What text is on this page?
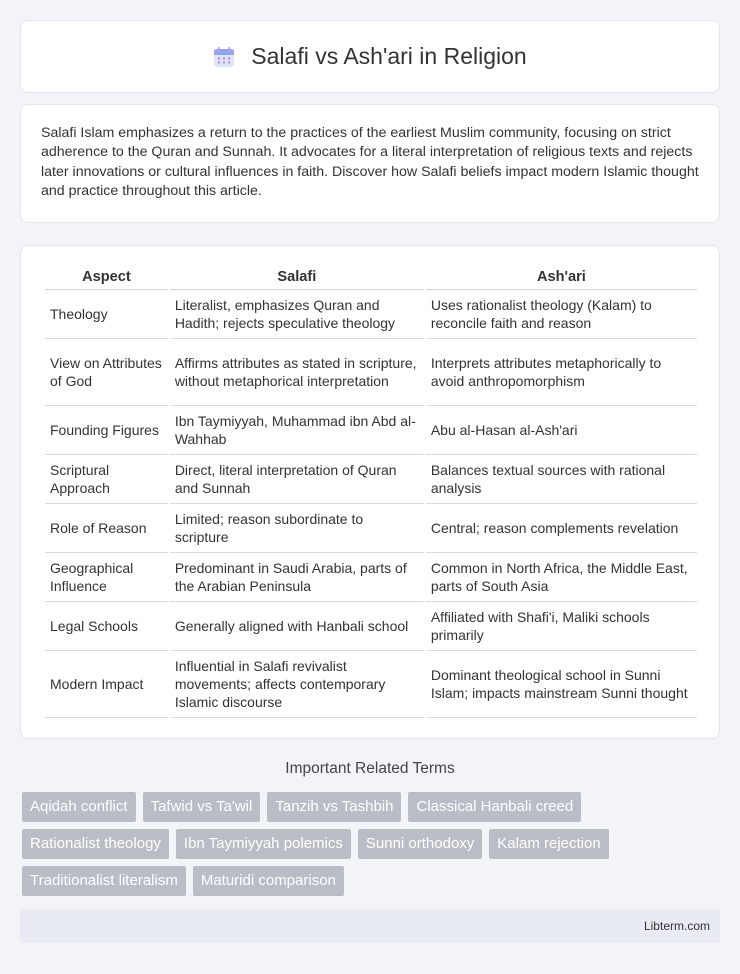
Salafi vs Ash'ari in Religion

Salafi Islam emphasizes a return to the practices of the earliest Muslim community, focusing on strict adherence to the Quran and Sunnah. It advocates for a literal interpretation of religious texts and rejects later innovations or cultural influences in faith. Discover how Salafi beliefs impact modern Islamic thought and practice throughout this article.

Aspect	Salafi	Ash'ari
Theology	Literalist, emphasizes Quran and Hadith; rejects speculative theology	Uses rationalist theology (Kalam) to reconcile faith and reason
View on Attributes of God	Affirms attributes as stated in scripture, without metaphorical interpretation	Interprets attributes metaphorically to avoid anthropomorphism
Founding Figures	Ibn Taymiyyah, Muhammad ibn Abd al-Wahhab	Abu al-Hasan al-Ash'ari
Scriptural Approach	Direct, literal interpretation of Quran and Sunnah	Balances textual sources with rational analysis
Role of Reason	Limited; reason subordinate to scripture	Central; reason complements revelation
Geographical Influence	Predominant in Saudi Arabia, parts of the Arabian Peninsula	Common in North Africa, the Middle East, parts of South Asia
Legal Schools	Generally aligned with Hanbali school	Affiliated with Shafi'i, Maliki schools primarily
Modern Impact	Influential in Salafi revivalist movements; affects contemporary Islamic discourse	Dominant theological school in Sunni Islam; impacts mainstream Sunni thought
Important Related Terms
Aqidah conflict	Tafwid vs Ta'wil	Tanzih vs Tashbih	Classical Hanbali creed
Rationalist theology	Ibn Taymiyyah polemics	Sunni orthodoxy	Kalam rejection
Traditionalist literalism	Maturidi comparison
Libterm.com
